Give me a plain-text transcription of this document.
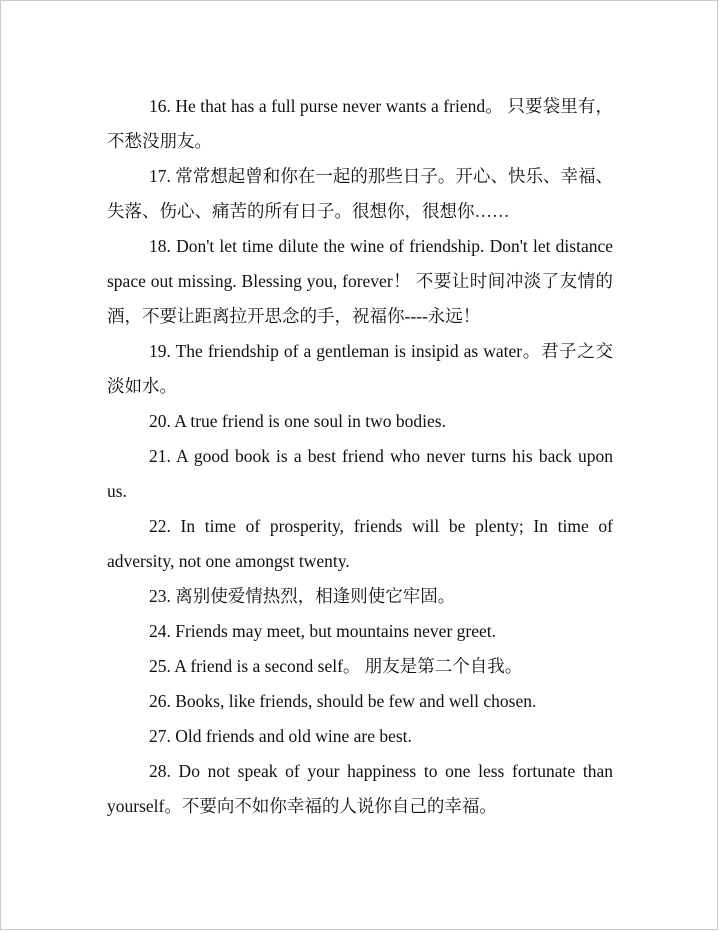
16. He that has a full purse never wants a friend。 只要袋里有，不愁没朋友。

17. 常常想起曾和你在一起的那些日子。开心、快乐、幸福、失落、伤心、痛苦的所有日子。很想你，很想你……

18. Don't let time dilute the wine of friendship. Don't let distance space out missing. Blessing you, forever！ 不要让时间冲淡了友情的酒，不要让距离拉开思念的手，祝福你----永远！

19. The friendship of a gentleman is insipid as water。君子之交淡如水。

20. A true friend is one soul in two bodies.

21. A good book is a best friend who never turns his back upon us.

22. In time of prosperity, friends will be plenty; In time of adversity, not one amongst twenty.

23. 离别使爱情热烈，相逢则使它牢固。

24. Friends may meet, but mountains never greet.

25. A friend is a second self。 朋友是第二个自我。

26. Books, like friends, should be few and well chosen.

27. Old friends and old wine are best.

28. Do not speak of your happiness to one less fortunate than yourself。不要向不如你幸福的人说你自己的幸福。
